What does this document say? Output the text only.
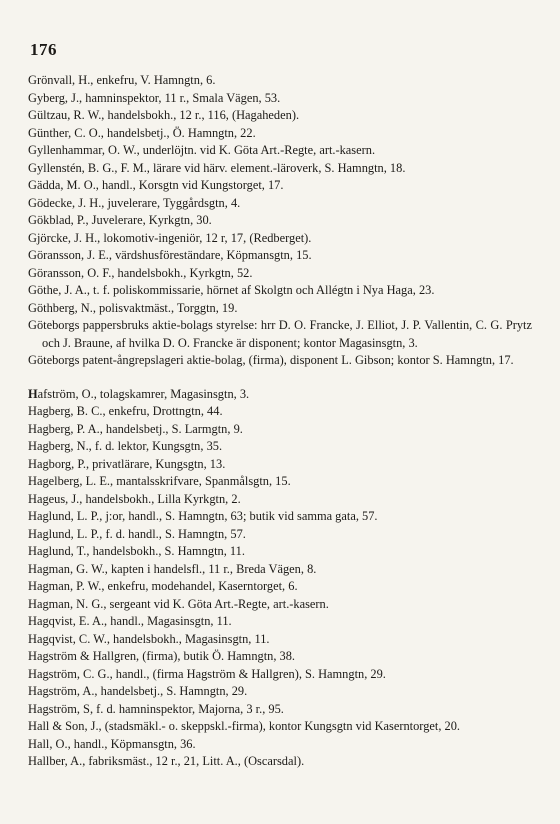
176

Grönvall, H., enkefru, V. Hamngtn, 6.

Gyberg, J., hamninspektor, 11 r., Smala Vägen, 53.

Gültzau, R. W., handelsbokh., 12 r., 116, (Hagaheden).

Günther, C. O., handelsbetj., Ö. Hamngtn, 22.

Gyllenhammar, O. W., underlöjtn. vid K. Göta Art.-Regte, art.-kasern.

Gyllenstén, B. G., F. M., lärare vid härv. element.-läroverk, S. Hamngtn, 18.

Gädda, M. O., handl., Korsgtn vid Kungstorget, 17.

Gödecke, J. H., juvelerare, Tyggårdsgtn, 4.

Gökblad, P., Juvelerare, Kyrkgtn, 30.

Gjörcke, J. H., lokomotiv-ingeniör, 12 r, 17, (Redberget).

Göransson, J. E., värdshusföreständare, Köpmansgtn, 15.

Göransson, O. F., handelsbokh., Kyrkgtn, 52.

Göthe, J. A., t. f. poliskommissarie, hörnet af Skolgtn och Allégtn i Nya Haga, 23.

Göthberg, N., polisvaktmäst., Torggtn, 19.

Göteborgs pappersbruks aktie-bolags styrelse: hrr D. O. Francke, J. Elliot, J. P. Vallentin, C. G. Prytz och J. Braune, af hvilka D. O. Francke är disponent; kontor Magasinsgtn, 3.

Göteborgs patent-ångrepslageri aktie-bolag, (firma), disponent L. Gibson; kontor S. Hamngtn, 17.

Hafström, O., tolagskamrer, Magasinsgtn, 3.

Hagberg, B. C., enkefru, Drottngtn, 44.

Hagberg, P. A., handelsbetj., S. Larmgtn, 9.

Hagberg, N., f. d. lektor, Kungsgtn, 35.

Hagborg, P., privatlärare, Kungsgtn, 13.

Hagelberg, L. E., mantalsskrifvare, Spanmålsgtn, 15.

Hageus, J., handelsbokh., Lilla Kyrkgtn, 2.

Haglund, L. P., j:or, handl., S. Hamngtn, 63; butik vid samma gata, 57.

Haglund, L. P., f. d. handl., S. Hamngtn, 57.

Haglund, T., handelsbokh., S. Hamngtn, 11.

Hagman, G. W., kapten i handelsfl., 11 r., Breda Vägen, 8.

Hagman, P. W., enkefru, modehandel, Kaserntorget, 6.

Hagman, N. G., sergeant vid K. Göta Art.-Regte, art.-kasern.

Hagqvist, E. A., handl., Magasinsgtn, 11.

Hagqvist, C. W., handelsbokh., Magasinsgtn, 11.

Hagström & Hallgren, (firma), butik Ö. Hamngtn, 38.

Hagström, C. G., handl., (firma Hagström & Hallgren), S. Hamngtn, 29.

Hagström, A., handelsbetj., S. Hamngtn, 29.

Hagström, S, f. d. hamninspektor, Majorna, 3 r., 95.

Hall & Son, J., (stadsmäkl.- o. skeppskl.-firma), kontor Kungsgtn vid Kaserntorget, 20.

Hall, O., handl., Köpmansgtn, 36.

Hallber, A., fabriksmäst., 12 r., 21, Litt. A., (Oscarsdal).
